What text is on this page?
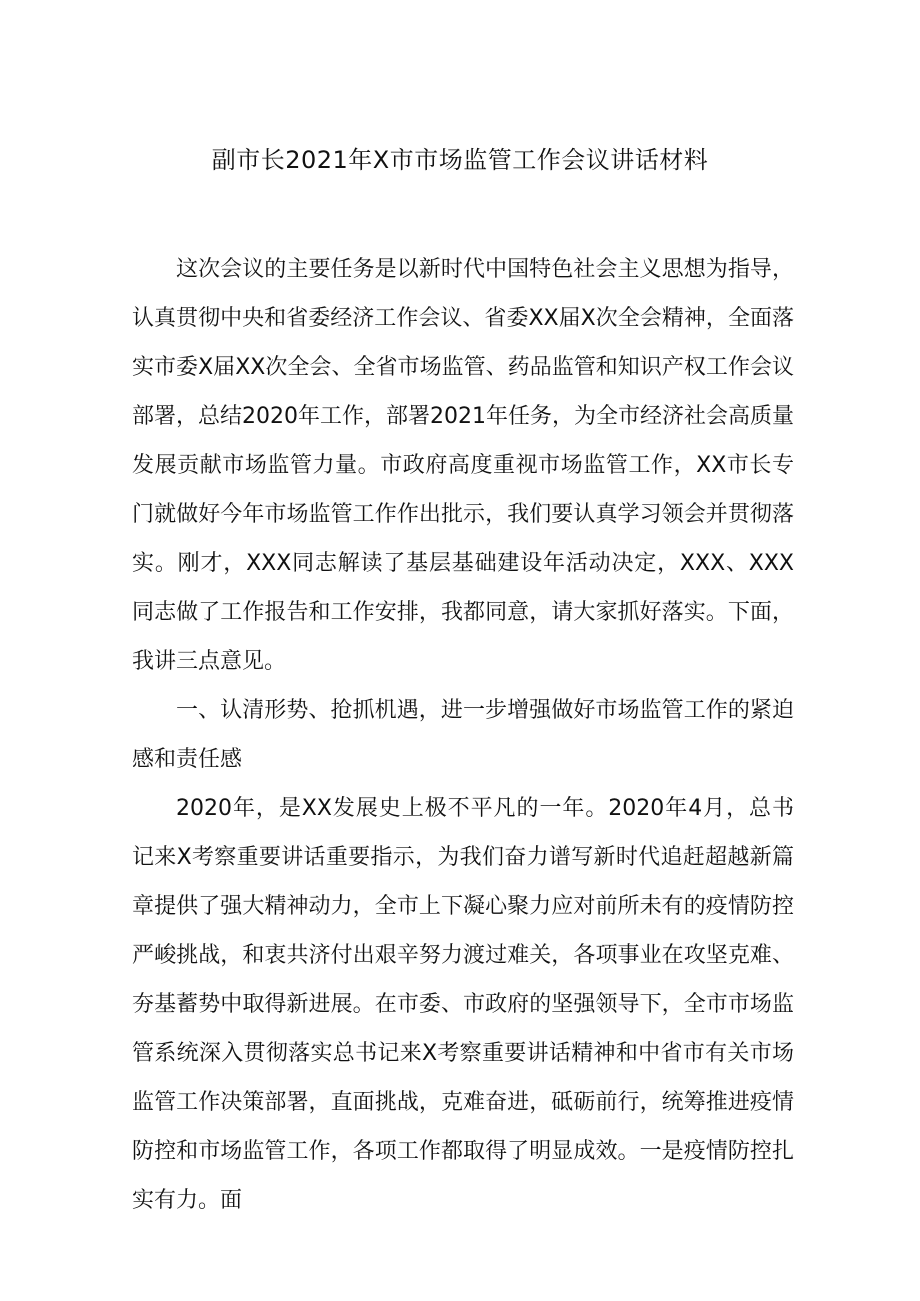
副市长2021年X市市场监管工作会议讲话材料

这次会议的主要任务是以新时代中国特色社会主义思想为指导，认真贯彻中央和省委经济工作会议、省委XX届X次全会精神，全面落实市委X届XX次全会、全省市场监管、药品监管和知识产权工作会议部署，总结2020年工作，部署2021年任务，为全市经济社会高质量发展贡献市场监管力量。市政府高度重视市场监管工作，XX市长专门就做好今年市场监管工作作出批示，我们要认真学习领会并贯彻落实。刚才，XXX同志解读了基层基础建设年活动决定，XXX、XXX同志做了工作报告和工作安排，我都同意，请大家抓好落实。下面，我讲三点意见。

一、认清形势、抢抓机遇，进一步增强做好市场监管工作的紧迫感和责任感

2020年，是XX发展史上极不平凡的一年。2020年4月，总书记来X考察重要讲话重要指示，为我们奋力谱写新时代追赶超越新篇章提供了强大精神动力，全市上下凝心聚力应对前所未有的疫情防控严峻挑战，和衷共济付出艰辛努力渡过难关，各项事业在攻坚克难、夯基蓄势中取得新进展。在市委、市政府的坚强领导下，全市市场监管系统深入贯彻落实总书记来X考察重要讲话精神和中省市有关市场监管工作决策部署，直面挑战，克难奋进，砥砺前行，统筹推进疫情防控和市场监管工作，各项工作都取得了明显成效。一是疫情防控扎实有力。面
